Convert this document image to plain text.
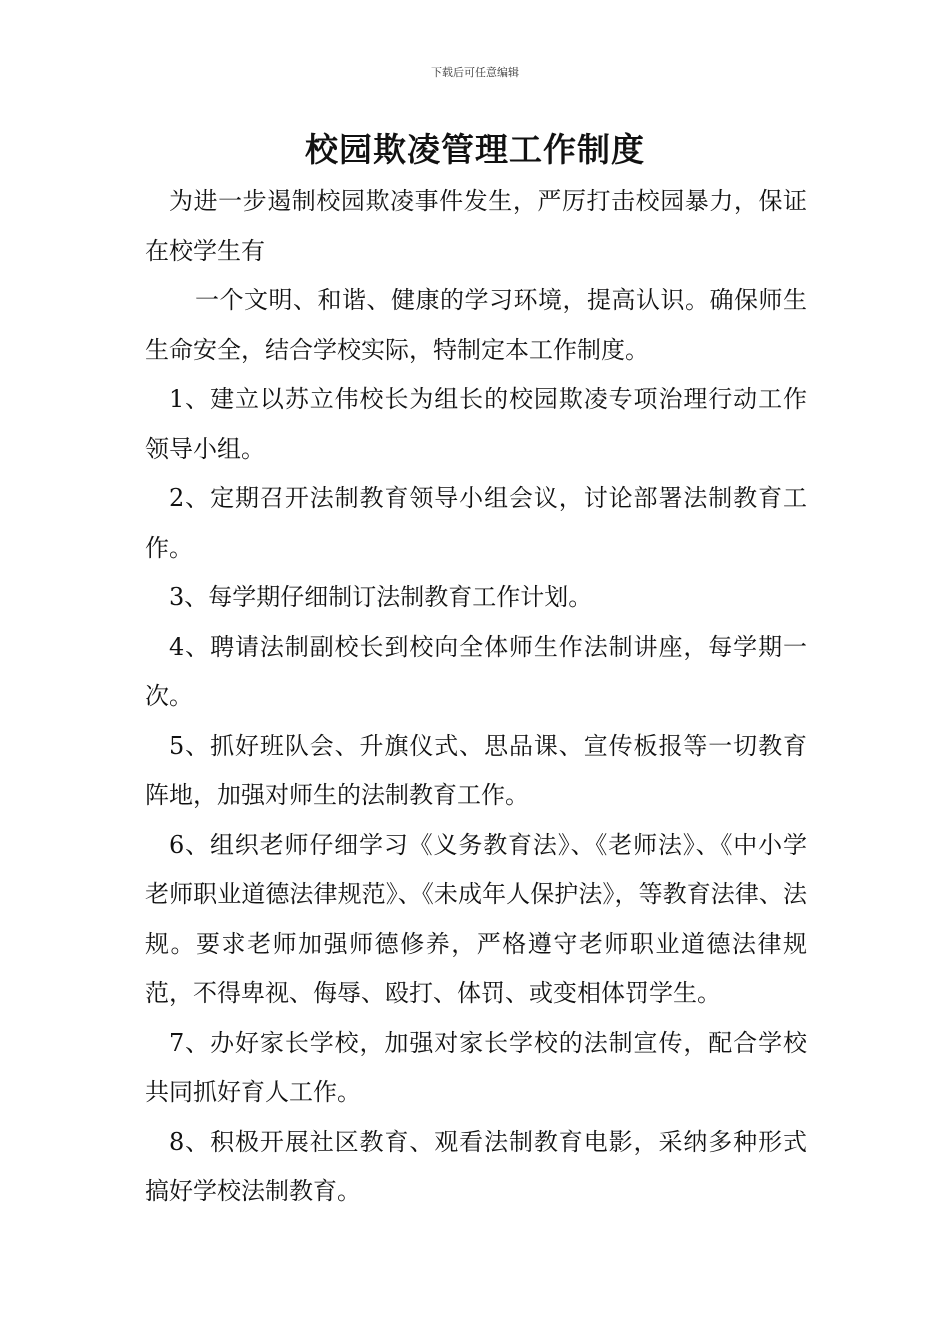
下载后可任意编辑
校园欺凌管理工作制度

为进一步遏制校园欺凌事件发生，严厉打击校园暴力，保证在校学生有

一个文明、和谐、健康的学习环境，提高认识。确保师生生命安全，结合学校实际，特制定本工作制度。

1、建立以苏立伟校长为组长的校园欺凌专项治理行动工作领导小组。

2、定期召开法制教育领导小组会议，讨论部署法制教育工作。

3、每学期仔细制订法制教育工作计划。

4、聘请法制副校长到校向全体师生作法制讲座，每学期一次。

5、抓好班队会、升旗仪式、思品课、宣传板报等一切教育阵地，加强对师生的法制教育工作。

6、组织老师仔细学习《义务教育法》、《老师法》、《中小学老师职业道德法律规范》、《未成年人保护法》，等教育法律、法规。要求老师加强师德修养，严格遵守老师职业道德法律规范，不得卑视、侮辱、殴打、体罚、或变相体罚学生。

7、办好家长学校，加强对家长学校的法制宣传，配合学校共同抓好育人工作。

8、积极开展社区教育、观看法制教育电影，采纳多种形式搞好学校法制教育。
